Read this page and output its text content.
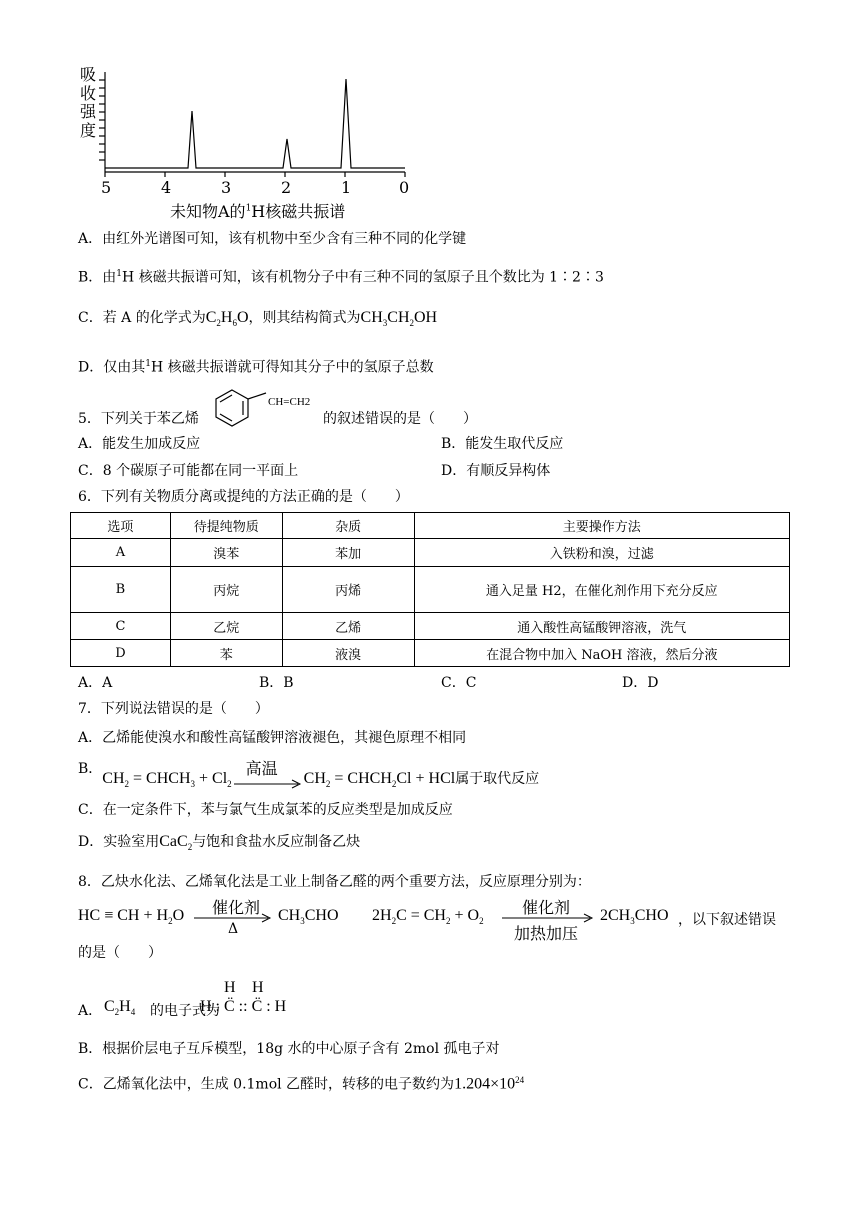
吸
收
强
度
5	4	3	2	1	0
未知物A的$^1$H核磁共振谱
A．由红外光谱图可知，该有机物中至少含有三种不同的化学键
B．由$^1$H 核磁共振谱可知，该有机物分子中有三种不同的氢原子且个数比为 1∶2∶3
C．若 A 的化学式为$C_2H_6O$，则其结构简式为$CH_3CH_2OH$
D．仅由其$^1$H 核磁共振谱就可得知其分子中的氢原子总数
5．下列关于苯乙烯
CH=CH2
的叙述错误的是（　　）
A．能发生加成反应	B．能发生取代反应
C．8 个碳原子可能都在同一平面上	D．有顺反异构体
6．下列有关物质分离或提纯的方法正确的是（　　）
选项	待提纯物质	杂质	主要操作方法
A	溴苯	苯加	入铁粉和溴，过滤
B	丙烷	丙烯	通入足量 H2，在催化剂作用下充分反应
C	乙烷	乙烯	通入酸性高锰酸钾溶液，洗气
D	苯	液溴	在混合物中加入 NaOH 溶液，然后分液
A．A	B．B	C．C	D．D
7．下列说法错误的是（　　）
A．乙烯能使溴水和酸性高锰酸钾溶液褪色，其褪色原理不相同
B．$CH_2$ = $CHCH_3 + Cl_2$
高温
$CH_2$ = $CHCH_2Cl$ + HCl属于取代反应
C．在一定条件下，苯与氯气生成氯苯的反应类型是加成反应
D．实验室用CaC$_2$与饱和食盐水反应制备乙炔
8．乙炔水化法、乙烯氧化法是工业上制备乙醛的两个重要方法，反应原理分别为：
HC ≡ CH + $H_2O$ 催化剂
Δ
$CH_3CHO$ $2H_2C = CH_2 + O_2$
催化剂
加热加压
$2CH_3CHO$ ，以下叙述错误
的是（　　）
A． $C_2H_4$ 的电子式为
H : C̈ :: C̈ : H
H H
B．根据价层电子互斥模型，18g 水的中心原子含有 2mol 孤电子对
C．乙烯氧化法中，生成 0.1mol 乙醛时，转移的电子数约为$1.204\times 10^{24}$
